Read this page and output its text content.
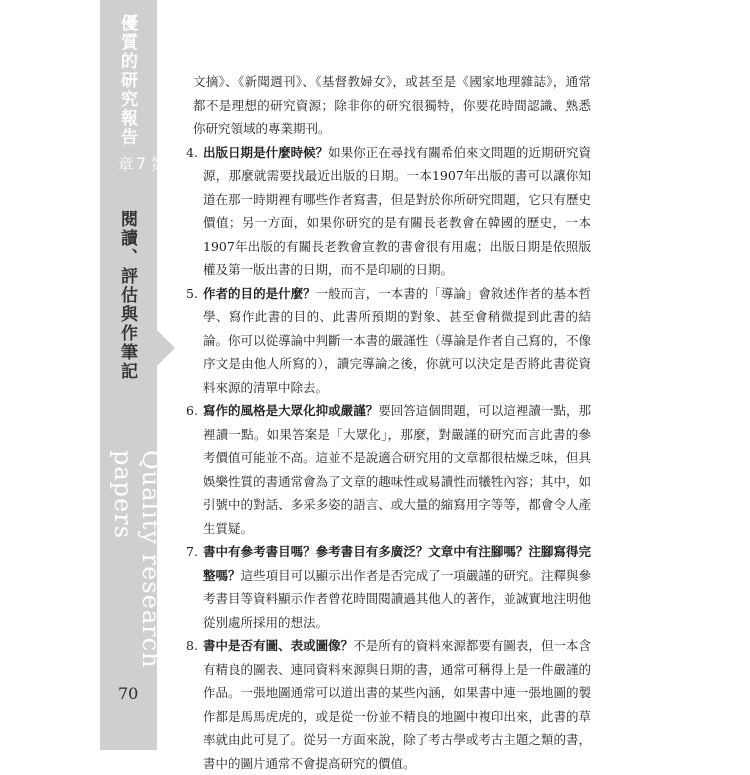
優質的研究報告
第
7
章
閱讀、評估與作筆記
Quality research papers
70

文摘》、《新聞週刊》、《基督教婦女》，或甚至是《國家地理雜誌》，通常都不是理想的研究資源；除非你的研究很獨特，你要花時間認識、熟悉你研究領域的專業期刊。

4. 出版日期是什麼時候？如果你正在尋找有關希伯來文問題的近期研究資源，那麼就需要找最近出版的日期。一本1907年出版的書可以讓你知道在那一時期裡有哪些作者寫書，但是對於你所研究問題，它只有歷史價值；另一方面，如果你研究的是有關長老教會在韓國的歷史，一本1907年出版的有關長老教會宣教的書會很有用處；出版日期是依照版權及第一版出書的日期，而不是印刷的日期。
5. 作者的目的是什麼？一般而言，一本書的「導論」會敘述作者的基本哲學、寫作此書的目的、此書所預期的對象、甚至會稍微提到此書的結論。你可以從導論中判斷一本書的嚴謹性（導論是作者自己寫的，不像序文是由他人所寫的），讀完導論之後，你就可以決定是否將此書從資料來源的清單中除去。
6. 寫作的風格是大眾化抑或嚴謹？要回答這個問題，可以這裡讀一點，那裡讀一點。如果答案是「大眾化」，那麼，對嚴謹的研究而言此書的參考價值可能並不高。這並不是說適合研究用的文章都很枯燥乏味，但具娛樂性質的書通常會為了文章的趣味性或易讀性而犧牲內容；其中，如引號中的對話、多采多姿的語言、或大量的縮寫用字等等，都會令人產生質疑。
7. 書中有參考書目嗎？參考書目有多廣泛？文章中有注腳嗎？注腳寫得完整嗎？這些項目可以顯示出作者是否完成了一項嚴謹的研究。注釋與參考書目等資料顯示作者曾花時間閱讀過其他人的著作，並誠實地注明他從別處所採用的想法。
8. 書中是否有圖、表或圖像？不是所有的資料來源都要有圖表，但一本含有精良的圖表、連同資料來源與日期的書，通常可稱得上是一件嚴謹的作品。一張地圖通常可以道出書的某些內涵，如果書中連一張地圖的製作都是馬馬虎虎的，或是從一份並不精良的地圖中複印出來，此書的草率就由此可見了。從另一方面來說，除了考古學或考古主題之類的書，書中的圖片通常不會提高研究的價值。
